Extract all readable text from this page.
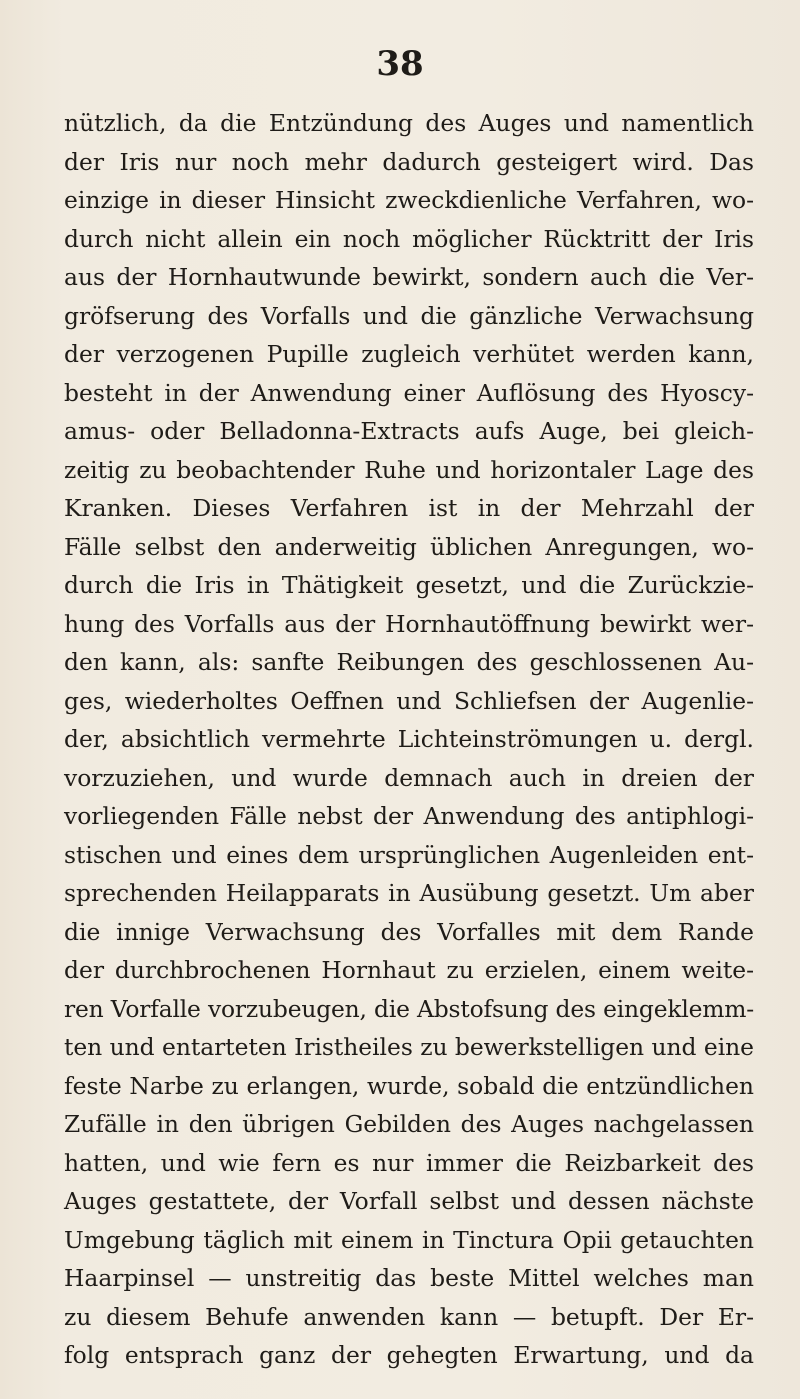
38
nützlich, da die Entzündung des Auges und namentlich
der Iris nur noch mehr dadurch gesteigert wird. Das
einzige in dieser Hinsicht zweckdienliche Verfahren, wo-
durch nicht allein ein noch möglicher Rücktritt der Iris
aus der Hornhautwunde bewirkt, sondern auch die Ver-
gröfserung des Vorfalls und die gänzliche Verwachsung
der verzogenen Pupille zugleich verhütet werden kann,
besteht in der Anwendung einer Auflösung des Hyoscy-
amus- oder Belladonna-Extracts aufs Auge, bei gleich-
zeitig zu beobachtender Ruhe und horizontaler Lage des
Kranken. Dieses Verfahren ist in der Mehrzahl der
Fälle selbst den anderweitig üblichen Anregungen, wo-
durch die Iris in Thätigkeit gesetzt, und die Zurückzie-
hung des Vorfalls aus der Hornhautöffnung bewirkt wer-
den kann, als: sanfte Reibungen des geschlossenen Au-
ges, wiederholtes Oeffnen und Schliefsen der Augenlie-
der, absichtlich vermehrte Lichteinströmungen u. dergl.
vorzuziehen, und wurde demnach auch in dreien der
vorliegenden Fälle nebst der Anwendung des antiphlogi-
stischen und eines dem ursprünglichen Augenleiden ent-
sprechenden Heilapparats in Ausübung gesetzt. Um aber
die innige Verwachsung des Vorfalles mit dem Rande
der durchbrochenen Hornhaut zu erzielen, einem weite-
ren Vorfalle vorzubeugen, die Abstofsung des eingeklemm-
ten und entarteten Iristheiles zu bewerkstelligen und eine
feste Narbe zu erlangen, wurde, sobald die entzündlichen
Zufälle in den übrigen Gebilden des Auges nachgelassen
hatten, und wie fern es nur immer die Reizbarkeit des
Auges gestattete, der Vorfall selbst und dessen nächste
Umgebung täglich mit einem in Tinctura Opii getauchten
Haarpinsel — unstreitig das beste Mittel welches man
zu diesem Behufe anwenden kann — betupft. Der Er-
folg entsprach ganz der gehegten Erwartung, und da
